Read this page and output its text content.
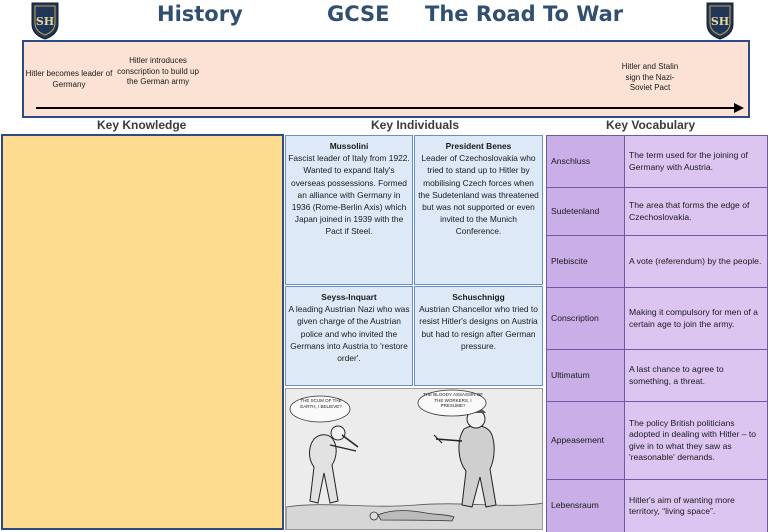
SH	SH
History	GCSE The Road To War
Hitler becomes leader of Germany
Hitler introduces conscription to build up the German army
Hitler and Stalin sign the Nazi-Soviet Pact
Key Knowledge	Key Individuals	Key Vocabulary
Mussolini
Fascist leader of Italy from 1922. Wanted to expand Italy's overseas possessions. Formed an alliance with Germany in 1936 (Rome-Berlin Axis) which Japan joined in 1939 with the Pact if Steel.
President Benes
Leader of Czechoslovakia who tried to stand up to Hitler by mobilising Czech forces when the Sudetenland was threatened but was not supported or even invited to the Munich Conference.
Seyss-Inquart
A leading Austrian Nazi who was given charge of the Austrian police and who invited the Germans into Austria to 'restore order'.
Schuschnigg
Austrian Chancellor who tried to resist Hitler's designs on Austria but had to resign after German pressure.
THE SCUM OF THE EARTH, I BELIEVE?
THE BLOODY ASSASSIN OF THE WORKERS, I PRESUME?
Anschluss	The term used for the joining of Germany with Austria.
Sudetenland	The area that forms the edge of Czechoslovakia.
Plebiscite	A vote (referendum) by the people.
Conscription	Making it compulsory for men of a certain age to join the army.
Ultimatum	A last chance to agree to something, a threat.
Appeasement	The policy British politicians adopted in dealing with Hitler – to give in to what they saw as 'reasonable' demands.
Lebensraum	Hitler's aim of wanting more territory, “living space”.
